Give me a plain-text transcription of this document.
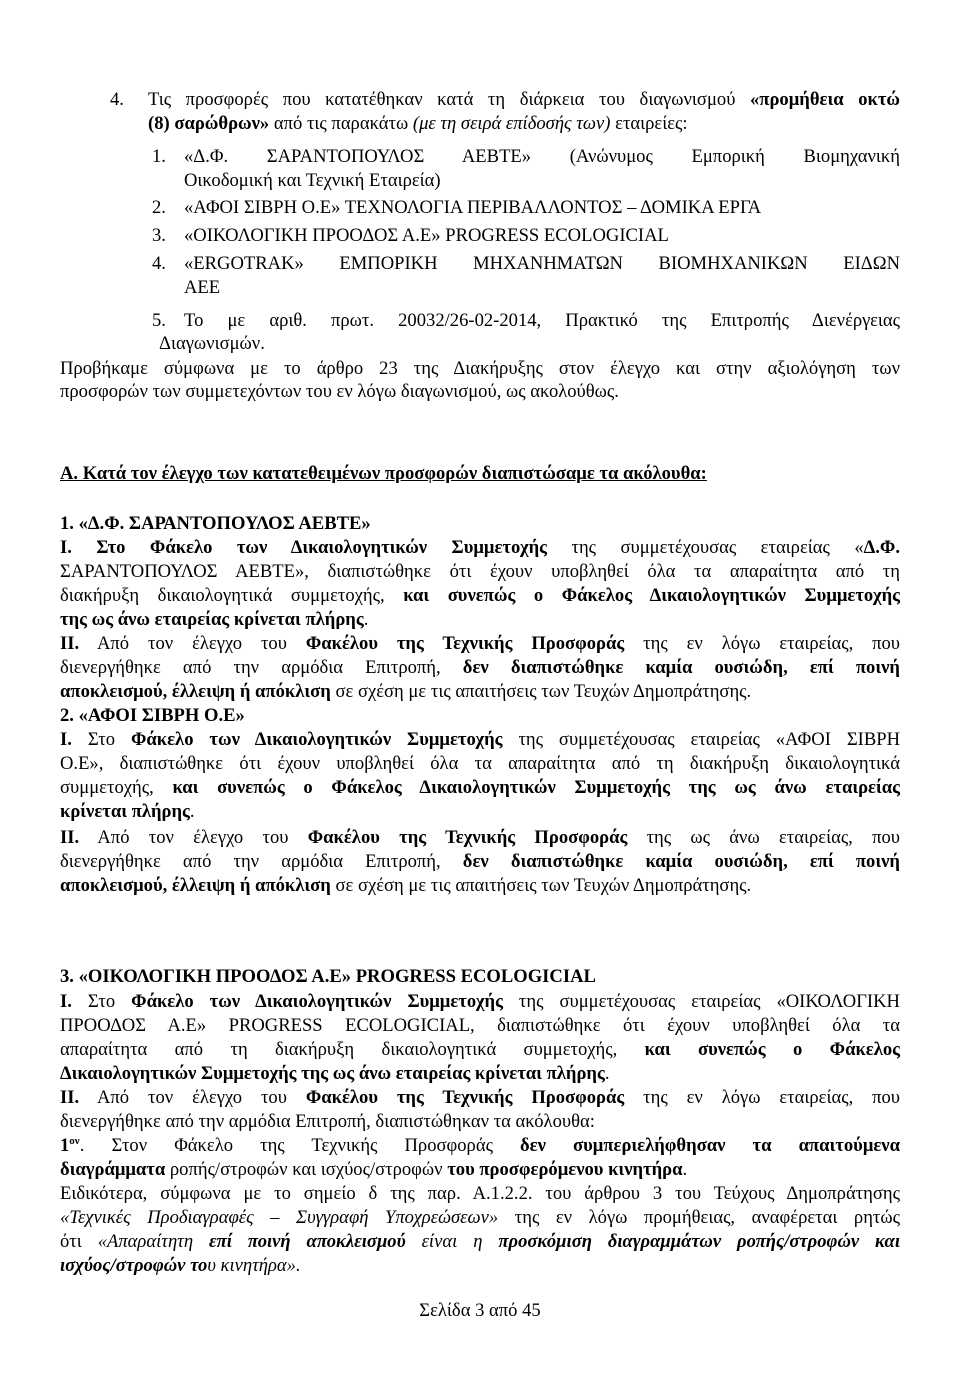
4. Τις προσφορές που κατατέθηκαν κατά τη διάρκεια του διαγωνισμού «προμήθεια οκτώ
(8) σαρώθρων» από τις παρακάτω (με τη σειρά επίδοσής των) εταιρείες:
1. «Δ.Φ. ΣΑΡΑΝΤΟΠΟΥΛΟΣ ΑΕΒΤΕ» (Ανώνυμος Εμπορική Βιομηχανική
Οικοδομική και Τεχνική Εταιρεία)
2. «ΑΦΟΙ ΣΙΒΡΗ Ο.Ε» ΤΕΧΝΟΛΟΓΙΑ ΠΕΡΙΒΑΛΛΟΝΤΟΣ – ΔΟΜΙΚΑ ΕΡΓΑ
3. «ΟΙΚΟΛΟΓΙΚΗ ΠΡΟΟΔΟΣ Α.Ε» PROGRESS ECOLOGICIAL
4. «ERGOTRAK» ΕΜΠΟΡΙΚΗ ΜΗΧΑΝΗΜΑΤΩΝ ΒΙΟΜΗΧΑΝΙΚΩΝ ΕΙΔΩΝ
ΑΕΕ
5. Το με αριθ. πρωτ. 20032/26-02-2014, Πρακτικό της Επιτροπής Διενέργειας
Διαγωνισμών.
Προβήκαμε σύμφωνα με το άρθρο 23 της Διακήρυξης στον έλεγχο και στην αξιολόγηση των
προσφορών των συμμετεχόντων του εν λόγω διαγωνισμού, ως ακολούθως.
Α. Κατά τον έλεγχο των κατατεθειμένων προσφορών διαπιστώσαμε τα ακόλουθα:
1. «Δ.Φ. ΣΑΡΑΝΤΟΠΟΥΛΟΣ ΑΕΒΤΕ»
Ι. Στο Φάκελο των Δικαιολογητικών Συμμετοχής της συμμετέχουσας εταιρείας «Δ.Φ.
ΣΑΡΑΝΤΟΠΟΥΛΟΣ ΑΕΒΤΕ», διαπιστώθηκε ότι έχουν υποβληθεί όλα τα απαραίτητα από τη
διακήρυξη δικαιολογητικά συμμετοχής, και συνεπώς ο Φάκελος Δικαιολογητικών Συμμετοχής
της ως άνω εταιρείας κρίνεται πλήρης.
ΙΙ. Από τον έλεγχο του Φακέλου της Τεχνικής Προσφοράς της εν λόγω εταιρείας, που
διενεργήθηκε από την αρμόδια Επιτροπή, δεν διαπιστώθηκε καμία ουσιώδη, επί ποινή
αποκλεισμού, έλλειψη ή απόκλιση σε σχέση με τις απαιτήσεις των Τευχών Δημοπράτησης.
2. «ΑΦΟΙ ΣΙΒΡΗ Ο.Ε»
Ι. Στο Φάκελο των Δικαιολογητικών Συμμετοχής της συμμετέχουσας εταιρείας «ΑΦΟΙ ΣΙΒΡΗ
Ο.Ε», διαπιστώθηκε ότι έχουν υποβληθεί όλα τα απαραίτητα από τη διακήρυξη δικαιολογητικά
συμμετοχής, και συνεπώς ο Φάκελος Δικαιολογητικών Συμμετοχής της ως άνω εταιρείας
κρίνεται πλήρης.
ΙΙ. Από τον έλεγχο του Φακέλου της Τεχνικής Προσφοράς της ως άνω εταιρείας, που
διενεργήθηκε από την αρμόδια Επιτροπή, δεν διαπιστώθηκε καμία ουσιώδη, επί ποινή
αποκλεισμού, έλλειψη ή απόκλιση σε σχέση με τις απαιτήσεις των Τευχών Δημοπράτησης.
3. «ΟΙΚΟΛΟΓΙΚΗ ΠΡΟΟΔΟΣ Α.Ε» PROGRESS ECOLOGICIAL
Ι. Στο Φάκελο των Δικαιολογητικών Συμμετοχής της συμμετέχουσας εταιρείας «ΟΙΚΟΛΟΓΙΚΗ
ΠΡΟΟΔΟΣ Α.Ε» PROGRESS ECOLOGICIAL, διαπιστώθηκε ότι έχουν υποβληθεί όλα τα
απαραίτητα από τη διακήρυξη δικαιολογητικά συμμετοχής, και συνεπώς ο Φάκελος
Δικαιολογητικών Συμμετοχής της ως άνω εταιρείας κρίνεται πλήρης.
ΙΙ. Από τον έλεγχο του Φακέλου της Τεχνικής Προσφοράς της εν λόγω εταιρείας, που
διενεργήθηκε από την αρμόδια Επιτροπή, διαπιστώθηκαν τα ακόλουθα:
$1^{o\nu}$. Στον Φάκελο της Τεχνικής Προσφοράς δεν συμπεριελήφθησαν τα απαιτούμενα
διαγράμματα ροπής/στροφών και ισχύος/στροφών του προσφερόμενου κινητήρα.
Ειδικότερα, σύμφωνα με το σημείο δ της παρ. Α.1.2.2. του άρθρου 3 του Τεύχους Δημοπράτησης
«Τεχνικές Προδιαγραφές – Συγγραφή Υποχρεώσεων» της εν λόγω προμήθειας, αναφέρεται ρητώς
ότι «Απαραίτητη επί ποινή αποκλεισμού είναι η προσκόμιση διαγραμμάτων ροπής/στροφών και
ισχύος/στροφών του κινητήρα».
Σελίδα 3 από 45
